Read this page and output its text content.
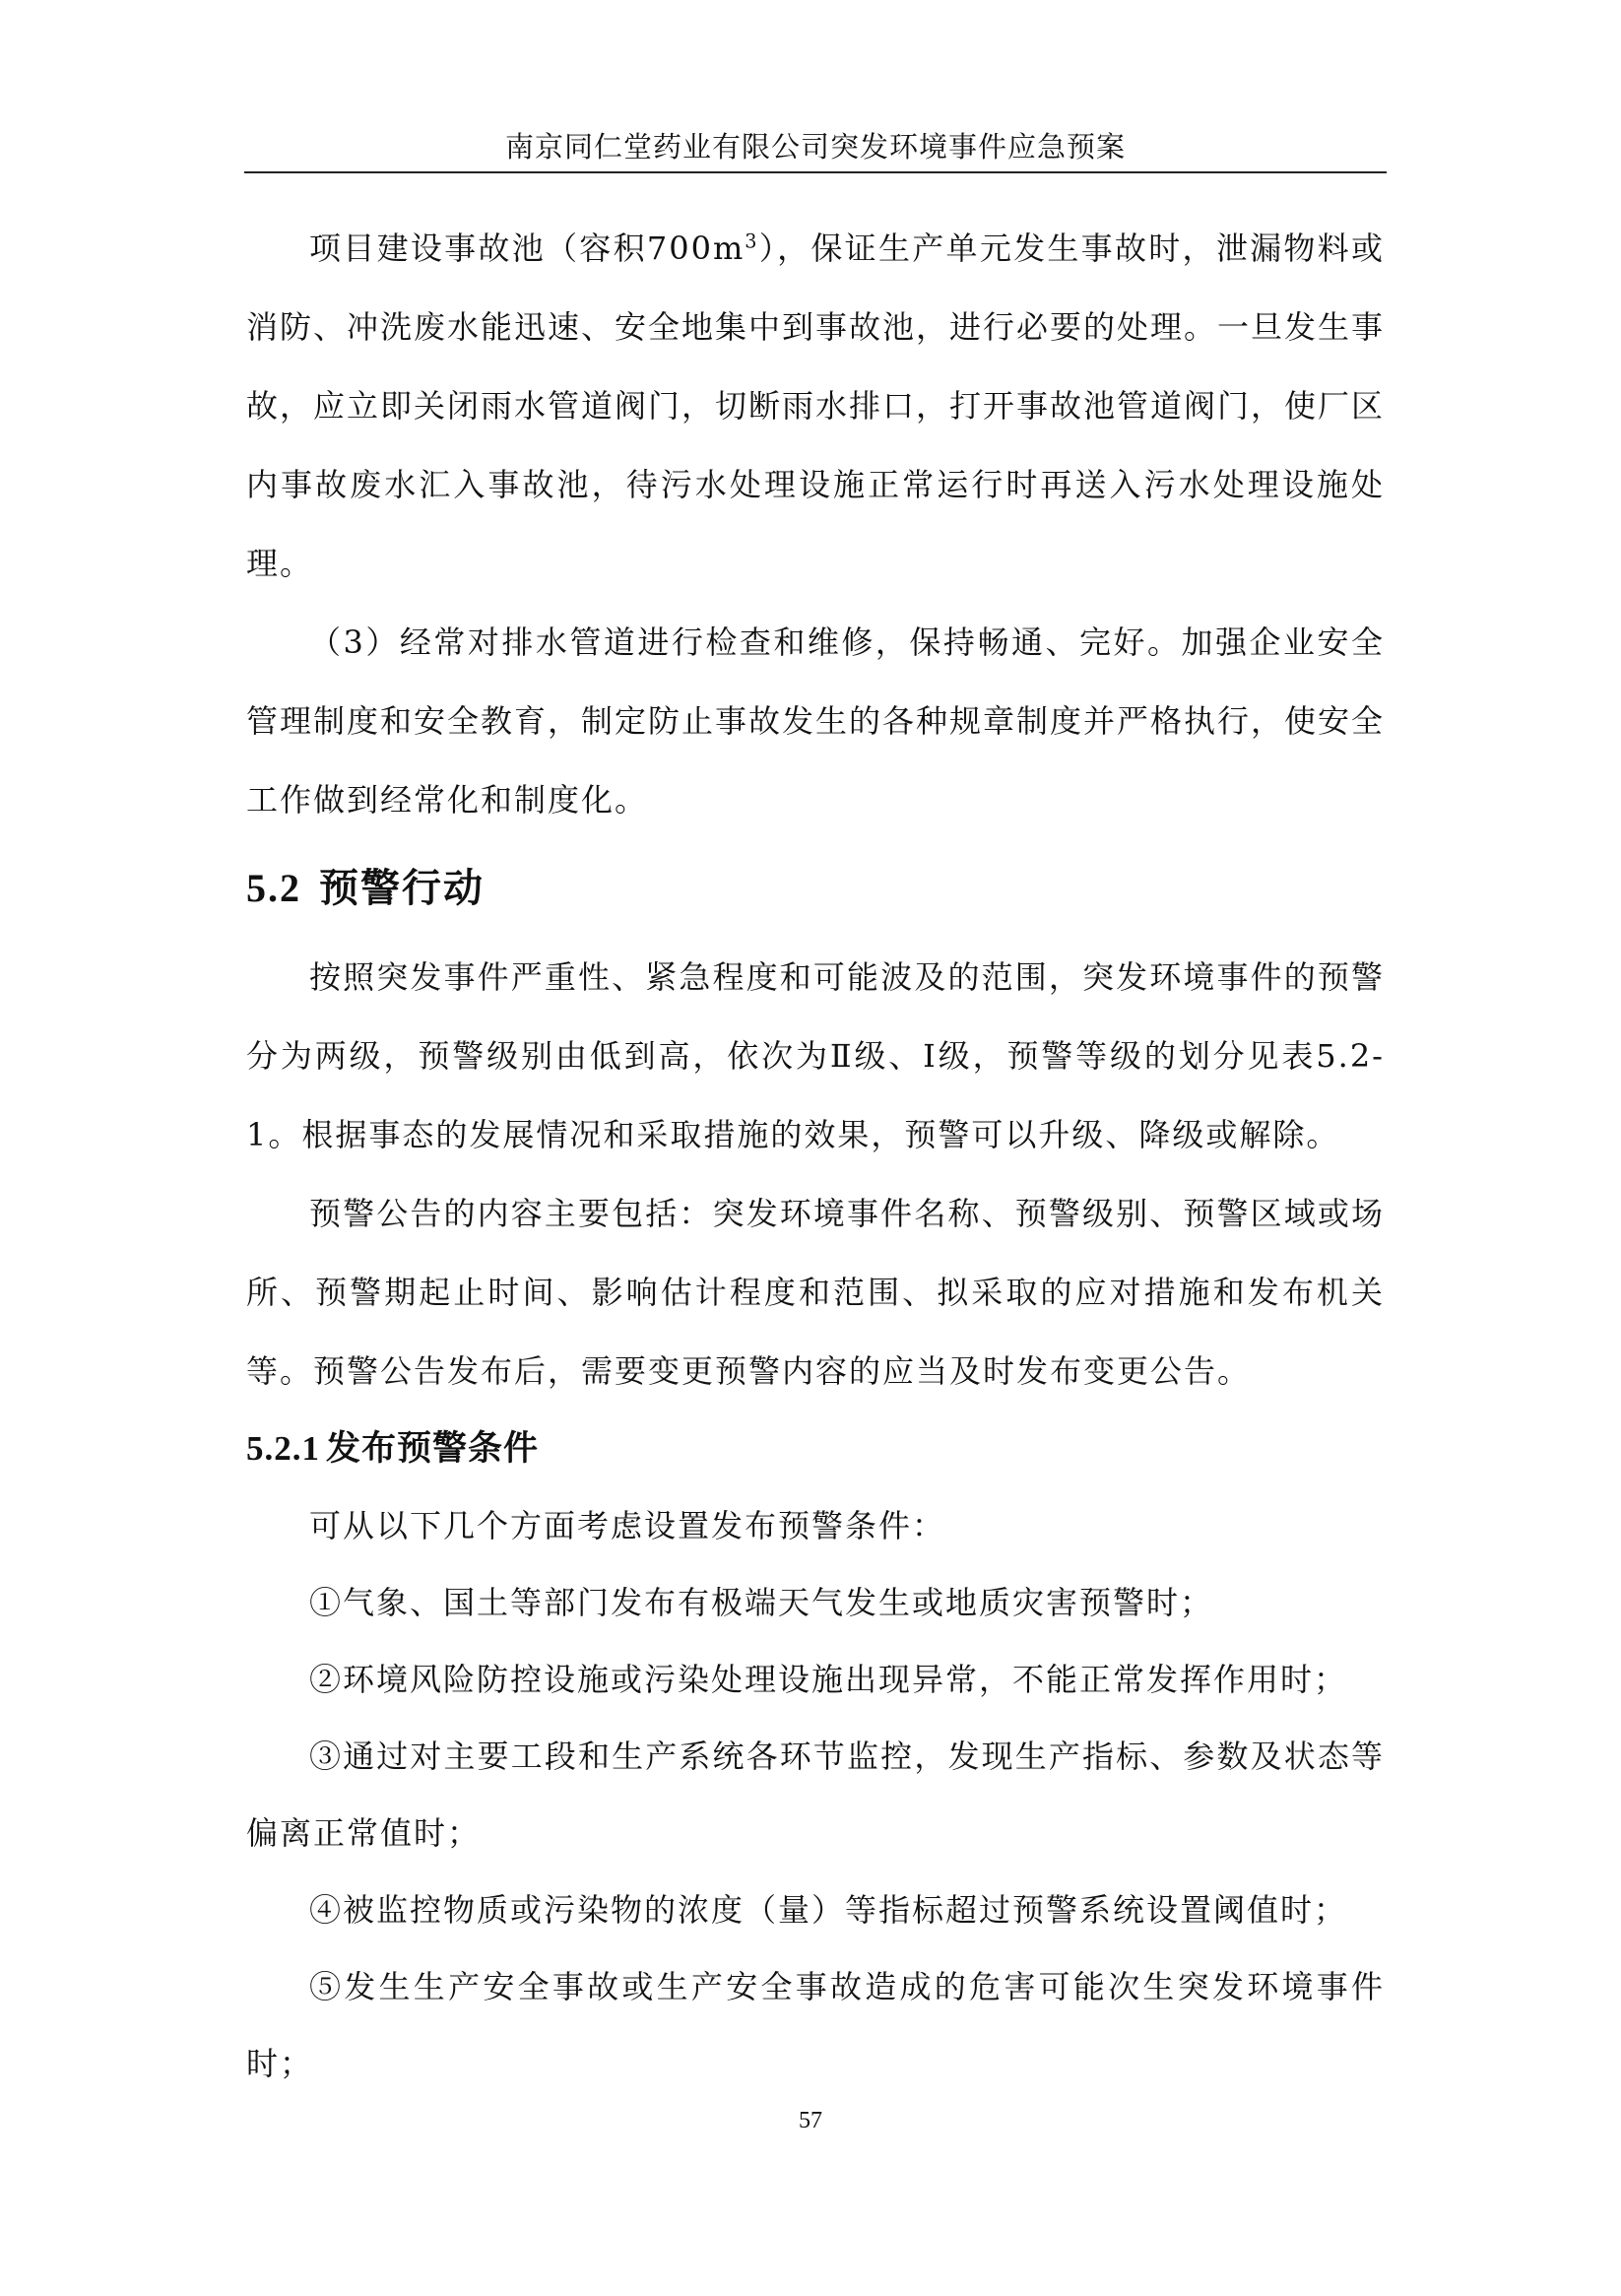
南京同仁堂药业有限公司突发环境事件应急预案

项目建设事故池（容积$700m^3$），保证生产单元发生事故时，泄漏物料或消防、冲洗废水能迅速、安全地集中到事故池，进行必要的处理。一旦发生事故，应立即关闭雨水管道阀门，切断雨水排口，打开事故池管道阀门，使厂区内事故废水汇入事故池，待污水处理设施正常运行时再送入污水处理设施处理。

（3）经常对排水管道进行检查和维修，保持畅通、完好。加强企业安全管理制度和安全教育，制定防止事故发生的各种规章制度并严格执行，使安全工作做到经常化和制度化。

5.2 预警行动

按照突发事件严重性、紧急程度和可能波及的范围，突发环境事件的预警分为两级，预警级别由低到高，依次为Ⅱ级、Ⅰ级，预警等级的划分见表5.2-1。根据事态的发展情况和采取措施的效果，预警可以升级、降级或解除。

预警公告的内容主要包括：突发环境事件名称、预警级别、预警区域或场所、预警期起止时间、影响估计程度和范围、拟采取的应对措施和发布机关等。预警公告发布后，需要变更预警内容的应当及时发布变更公告。

5.2.1 发布预警条件

可从以下几个方面考虑设置发布预警条件：

①气象、国土等部门发布有极端天气发生或地质灾害预警时；

②环境风险防控设施或污染处理设施出现异常，不能正常发挥作用时；

③通过对主要工段和生产系统各环节监控，发现生产指标、参数及状态等偏离正常值时；

④被监控物质或污染物的浓度（量）等指标超过预警系统设置阈值时；

⑤发生生产安全事故或生产安全事故造成的危害可能次生突发环境事件时；

57
